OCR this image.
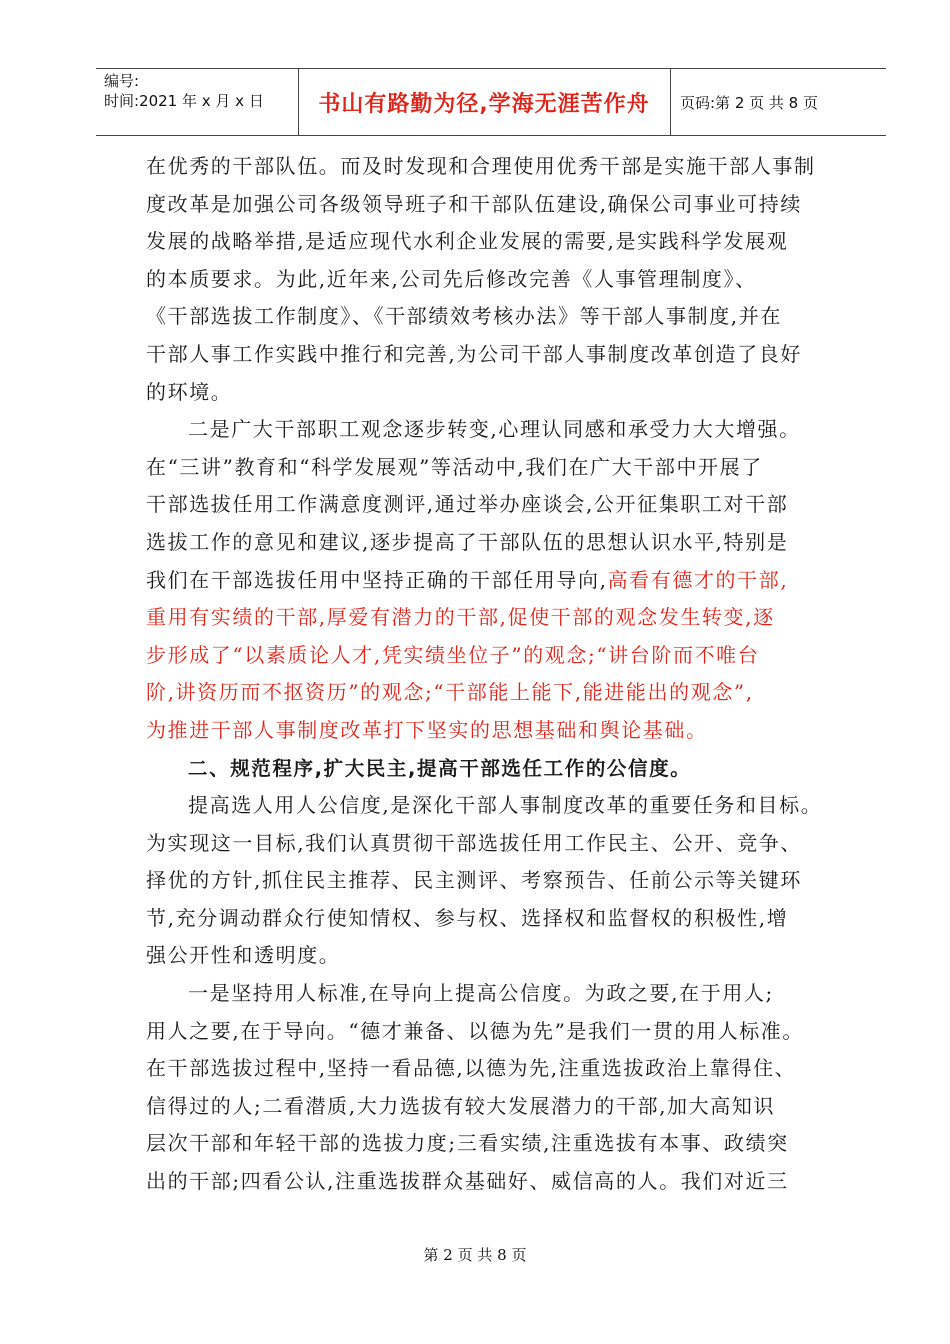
编号:
时间:2021 年 x 月 x 日	书山有路勤为径,学海无涯苦作舟	页码:第 2 页 共 8 页
在优秀的干部队伍。而及时发现和合理使用优秀干部是实施干部人事制
度改革是加强公司各级领导班子和干部队伍建设,确保公司事业可持续
发展的战略举措,是适应现代水利企业发展的需要,是实践科学发展观
的本质要求。为此,近年来,公司先后修改完善《人事管理制度》、
《干部选拔工作制度》、《干部绩效考核办法》等干部人事制度,并在
干部人事工作实践中推行和完善,为公司干部人事制度改革创造了良好
的环境。
二是广大干部职工观念逐步转变,心理认同感和承受力大大增强。
在“三讲”教育和“科学发展观”等活动中,我们在广大干部中开展了
干部选拔任用工作满意度测评,通过举办座谈会,公开征集职工对干部
选拔工作的意见和建议,逐步提高了干部队伍的思想认识水平,特别是
我们在干部选拔任用中坚持正确的干部任用导向,高看有德才的干部,
重用有实绩的干部,厚爱有潜力的干部,促使干部的观念发生转变,逐
步形成了“以素质论人才,凭实绩坐位子”的观念;“讲台阶而不唯台
阶,讲资历而不抠资历”的观念;“干部能上能下,能进能出的观念”,
为推进干部人事制度改革打下坚实的思想基础和舆论基础。
二、规范程序,扩大民主,提高干部选任工作的公信度。
提高选人用人公信度,是深化干部人事制度改革的重要任务和目标。
为实现这一目标,我们认真贯彻干部选拔任用工作民主、公开、竞争、
择优的方针,抓住民主推荐、民主测评、考察预告、任前公示等关键环
节,充分调动群众行使知情权、参与权、选择权和监督权的积极性,增
强公开性和透明度。
一是坚持用人标准,在导向上提高公信度。为政之要,在于用人;
用人之要,在于导向。“德才兼备、以德为先”是我们一贯的用人标准。
在干部选拔过程中,坚持一看品德,以德为先,注重选拔政治上靠得住、
信得过的人;二看潜质,大力选拔有较大发展潜力的干部,加大高知识
层次干部和年轻干部的选拔力度;三看实绩,注重选拔有本事、政绩突
出的干部;四看公认,注重选拔群众基础好、威信高的人。我们对近三
第 2 页 共 8 页
